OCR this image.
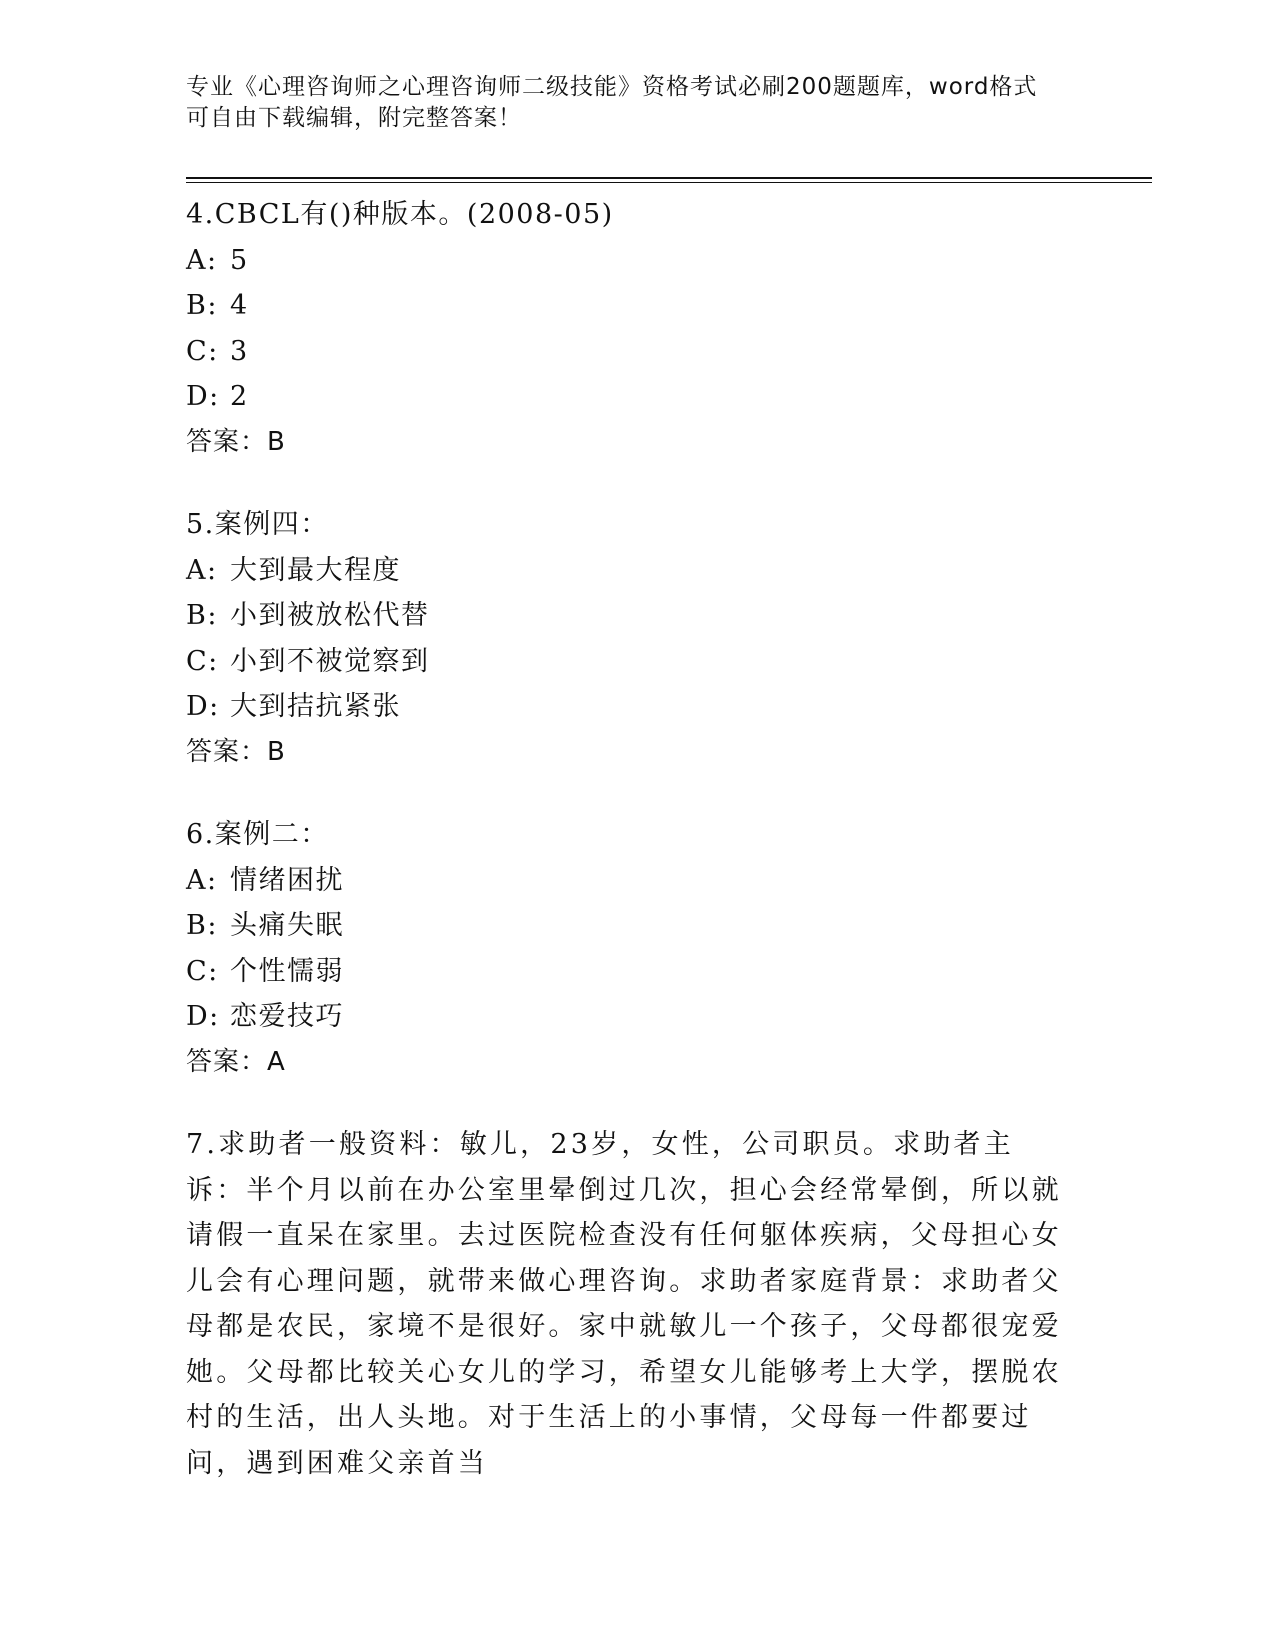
专业《心理咨询师之心理咨询师二级技能》资格考试必刷200题题库，word格式
可自由下载编辑，附完整答案！
4.CBCL有()种版本。(2008-05)
A: 5
B: 4
C: 3
D: 2
答案：B
5.案例四：
A: 大到最大程度
B: 小到被放松代替
C: 小到不被觉察到
D: 大到拮抗紧张
答案：B
6.案例二：
A: 情绪困扰
B: 头痛失眠
C: 个性懦弱
D: 恋爱技巧
答案：A
7.求助者一般资料：敏儿，23岁，女性，公司职员。求助者主诉：半个月以前在办公室里晕倒过几次，担心会经常晕倒，所以就请假一直呆在家里。去过医院检查没有任何躯体疾病，父母担心女儿会有心理问题，就带来做心理咨询。求助者家庭背景：求助者父母都是农民，家境不是很好。家中就敏儿一个孩子，父母都很宠爱她。父母都比较关心女儿的学习，希望女儿能够考上大学，摆脱农村的生活，出人头地。对于生活上的小事情，父母每一件都要过问，遇到困难父亲首当
